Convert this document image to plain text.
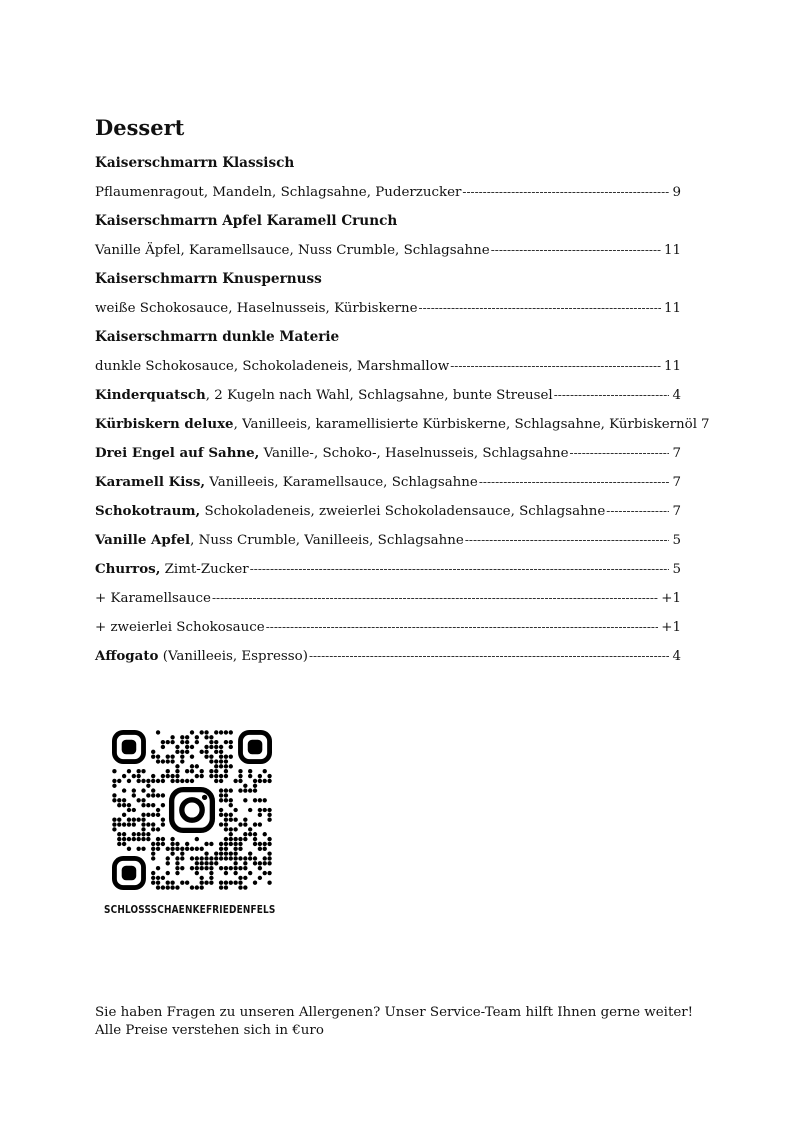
Dessert
Kaiserschmarrn Klassisch
Pflaumenragout, Mandeln, Schlagsahne, Puderzucker -----	9
Kaiserschmarrn Apfel Karamell Crunch
Vanille Äpfel, Karamellsauce, Nuss Crumble, Schlagsahne -----	11
Kaiserschmarrn Knuspernuss
weiße Schokosauce, Haselnusseis, Kürbiskerne -----	11
Kaiserschmarrn dunkle Materie
dunkle Schokosauce, Schokoladeneis, Marshmallow -----	11
Kinderquatsch, 2 Kugeln nach Wahl, Schlagsahne, bunte Streusel -----	4
Kürbiskern deluxe, Vanilleeis, karamellisierte Kürbiskerne, Schlagsahne, Kürbiskernöl 7
Drei Engel auf Sahne, Vanille-, Schoko-, Haselnusseis, Schlagsahne -----	7
Karamell Kiss, Vanilleeis, Karamellsauce, Schlagsahne -----	7
Schokotraum, Schokoladeneis, zweierlei Schokoladensauce, Schlagsahne -----	7
Vanille Apfel, Nuss Crumble, Vanilleeis, Schlagsahne -----	5
Churros, Zimt-Zucker -----	5
+ Karamellsauce -----	+1
+ zweierlei Schokosauce -----	+1
Affogato (Vanilleeis, Espresso) -----	4
SCHLOSSSCHAENKEFRIEDENFELS
Sie haben Fragen zu unseren Allergenen? Unser Service-Team hilft Ihnen gerne weiter!
Alle Preise verstehen sich in €uro
